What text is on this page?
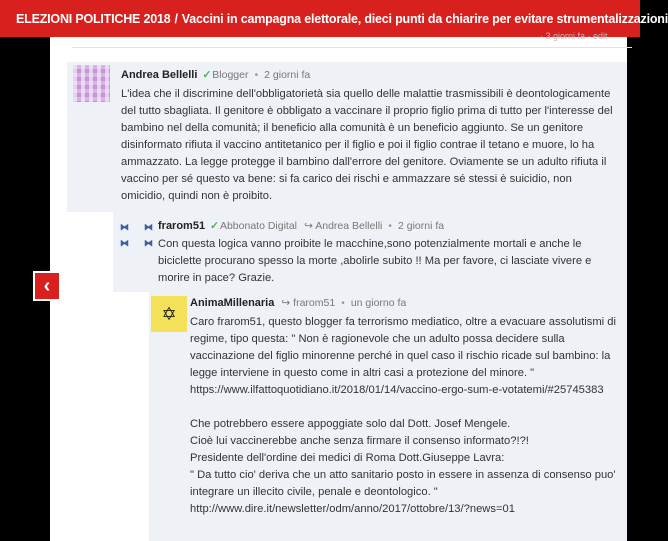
ELEZIONI POLITICHE 2018 / Vaccini in campagna elettorale, dieci punti da chiarire per evitare strumentalizzazioni
‹
· 3 giorni fa · edit
Andrea Bellelli ✓Blogger • 2 giorni fa
L'idea che il discrimine dell'obbligatorietà sia quello delle malattie trasmissibili è deontologicamente del tutto sbagliata. Il genitore è obbligato a vaccinare il proprio figlio prima di tutto per l'interesse del bambino nel della comunità; il beneficio alla comunità è un beneficio aggiunto. Se un genitore disinformato rifiuta il vaccino antitetanico per il figlio e poi il figlio contrae il tetano e muore, lo ha ammazzato. La legge protegge il bambino dall'errore del genitore. Oviamente se un adulto rifiuta il vaccino per sé questo va bene: si fa carico dei rischi e ammazzare sé stessi è suicidio, non omicidio, quindi non è proibito.
⧓ ⧓
⧓ ⧓
frarom51 ✓Abbonato Digital ↪ Andrea Bellelli • 2 giorni fa
Con questa logica vanno proibite le macchine,sono potenzialmente mortali e anche le biciclette procurano spesso la morte ,abolirle subito !! Ma per favore, ci lasciate vivere e morire in pace? Grazie.
✡
AnimaMillenaria ↪ frarom51 • un giorno fa

Caro frarom51, questo blogger fa terrorismo mediatico, oltre a evacuare assolutismi di regime, tipo questa: " Non è ragionevole che un adulto possa decidere sulla vaccinazione del figlio minorenne perché in quel caso il rischio ricade sul bambino: la legge interviene in questo come in altri casi a protezione del minore. " https://www.ilfattoquotidiano.it/2018/01/14/vaccino-ergo-sum-e-votatemi/#25745383

Che potrebbero essere appoggiate solo dal Dott. Josef Mengele.

Cioè lui vaccinerebbe anche senza firmare il consenso informato?!?!

Presidente dell'ordine dei medici di Roma Dott.Giuseppe Lavra:

" Da tutto cio' deriva che un atto sanitario posto in essere in assenza di consenso puo' integrare un illecito civile, penale e deontologico. "

http://www.dire.it/newsletter/odm/anno/2017/ottobre/13/?news=01
